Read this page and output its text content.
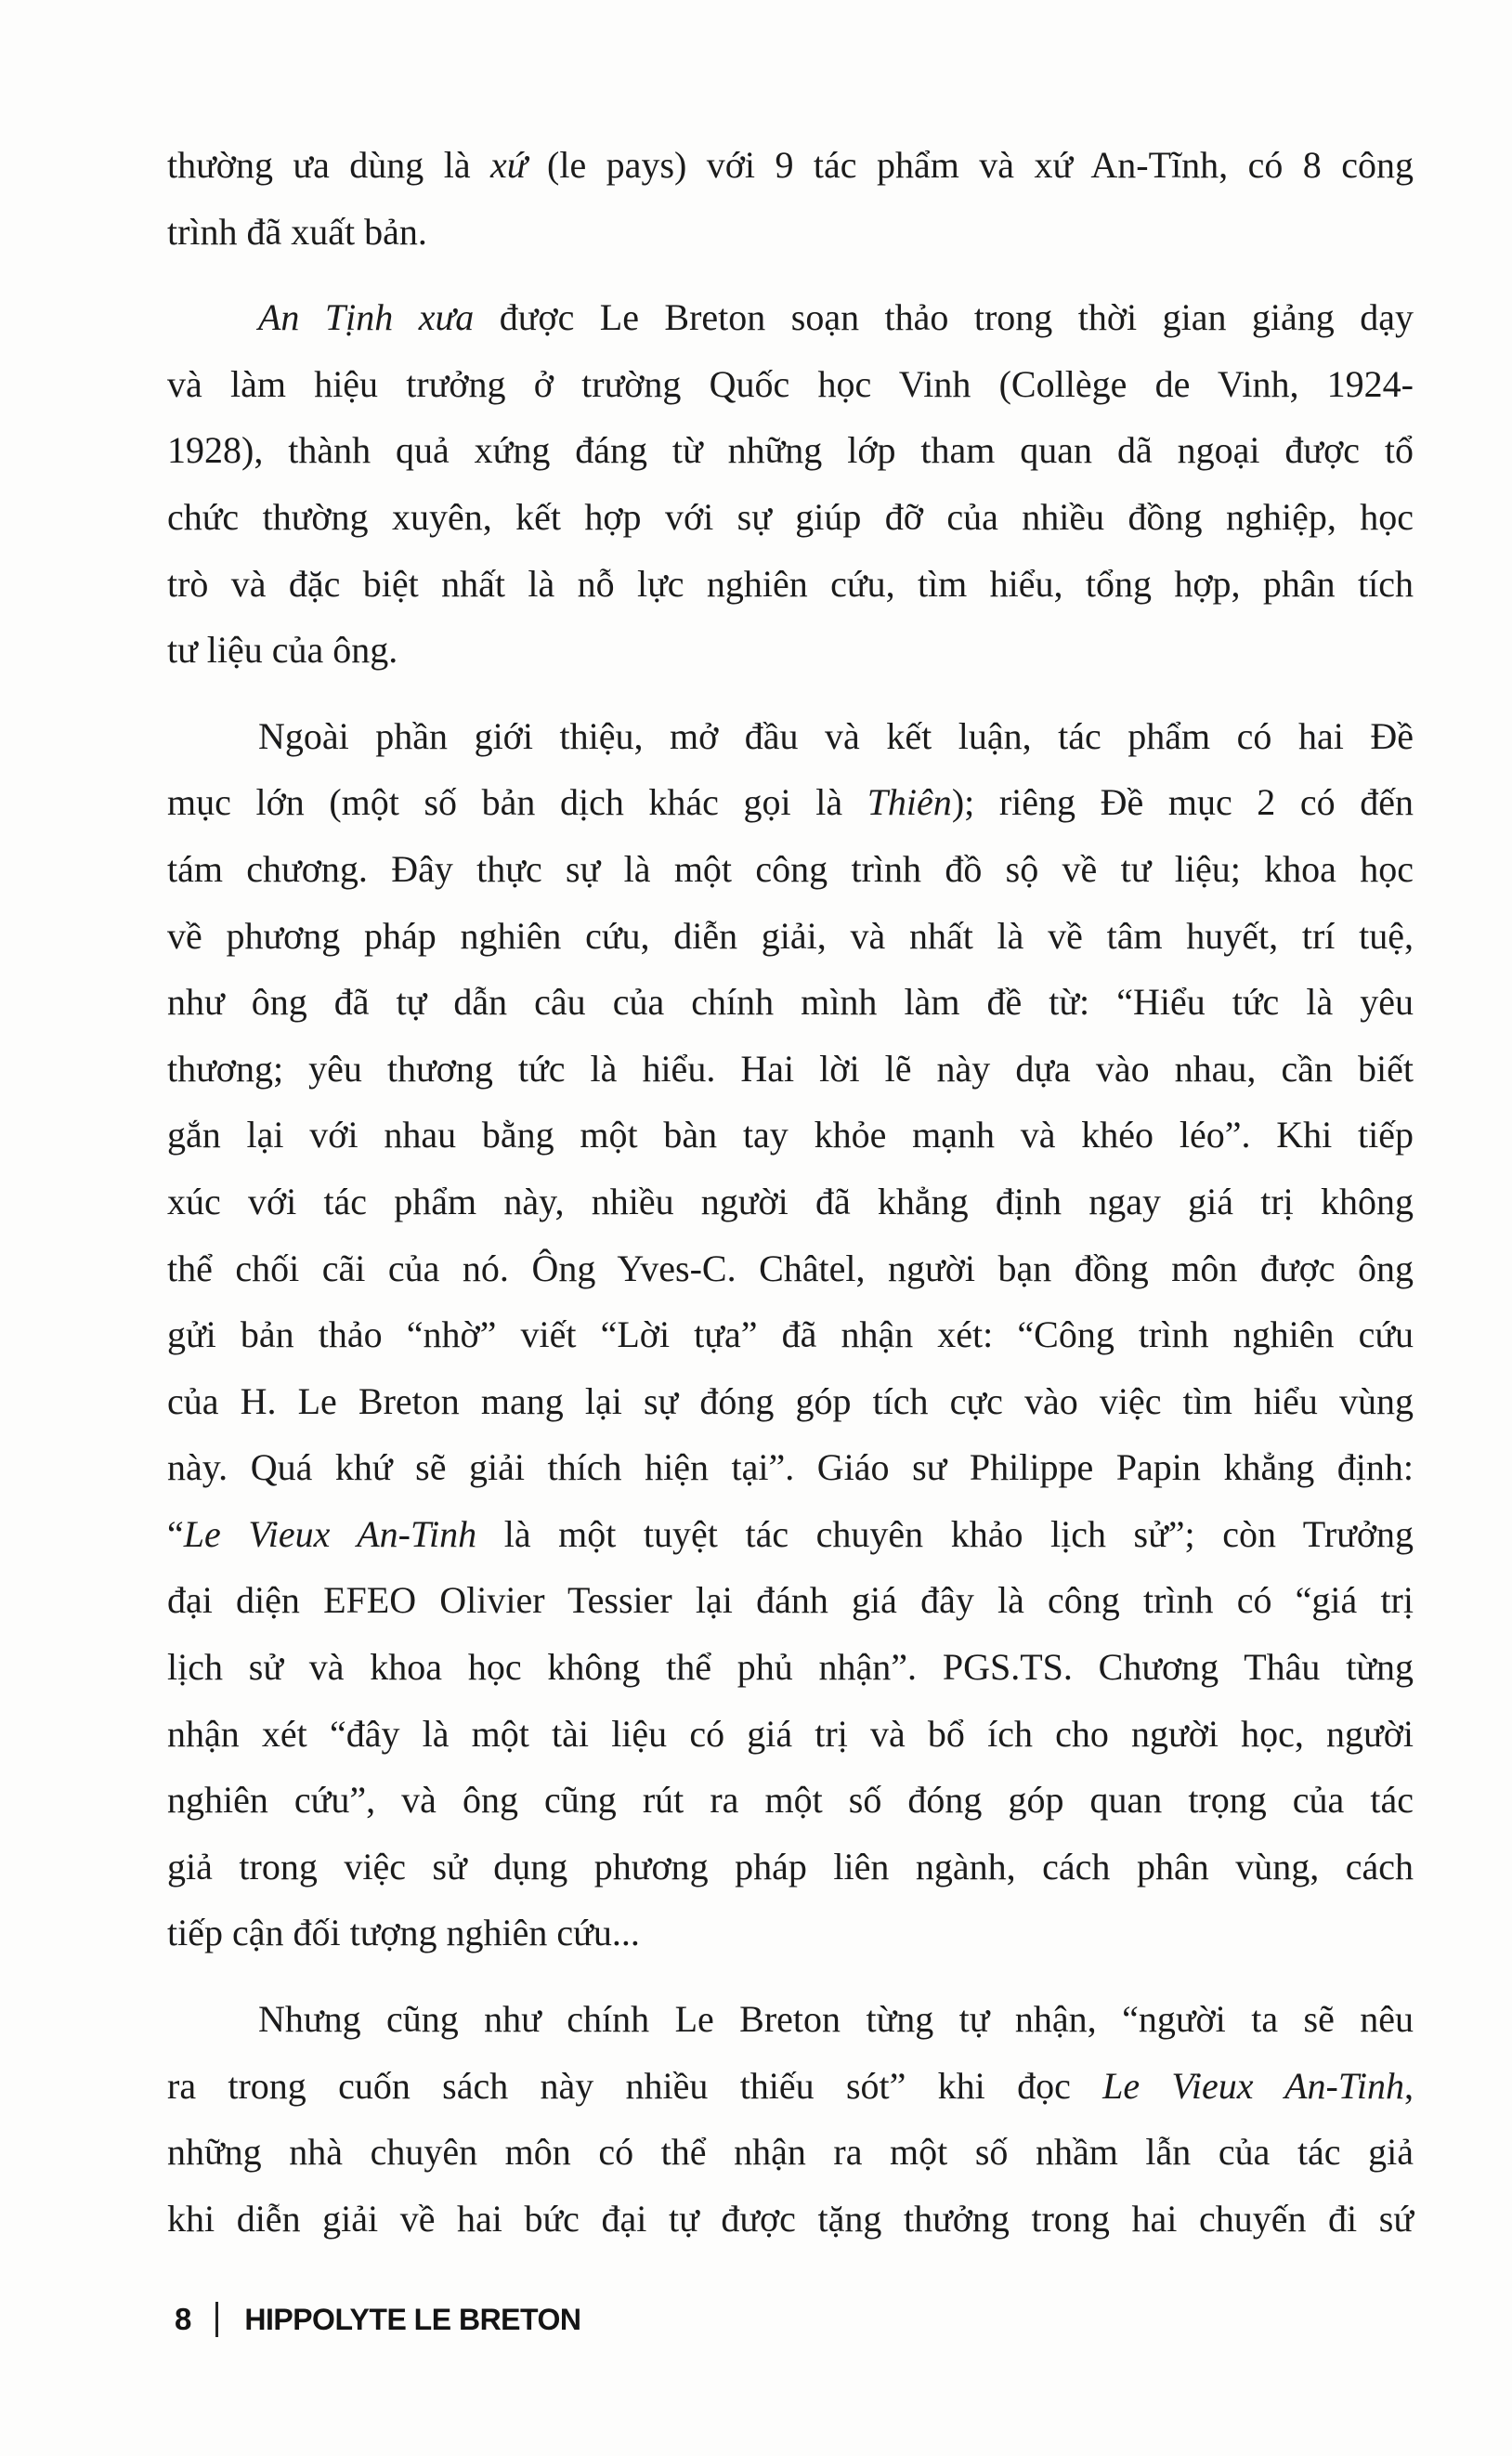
thường ưa dùng là xứ (le pays) với 9 tác phẩm và xứ An-Tĩnh, có 8 công
trình đã xuất bản.
An Tịnh xưa được Le Breton soạn thảo trong thời gian giảng dạy
và làm hiệu trưởng ở trường Quốc học Vinh (Collège de Vinh, 1924-
1928), thành quả xứng đáng từ những lớp tham quan dã ngoại được tổ
chức thường xuyên, kết hợp với sự giúp đỡ của nhiều đồng nghiệp, học
trò và đặc biệt nhất là nỗ lực nghiên cứu, tìm hiểu, tổng hợp, phân tích
tư liệu của ông.
Ngoài phần giới thiệu, mở đầu và kết luận, tác phẩm có hai Đề
mục lớn (một số bản dịch khác gọi là Thiên); riêng Đề mục 2 có đến
tám chương. Đây thực sự là một công trình đồ sộ về tư liệu; khoa học
về phương pháp nghiên cứu, diễn giải, và nhất là về tâm huyết, trí tuệ,
như ông đã tự dẫn câu của chính mình làm đề từ: “Hiểu tức là yêu
thương; yêu thương tức là hiểu. Hai lời lẽ này dựa vào nhau, cần biết
gắn lại với nhau bằng một bàn tay khỏe mạnh và khéo léo”. Khi tiếp
xúc với tác phẩm này, nhiều người đã khẳng định ngay giá trị không
thể chối cãi của nó. Ông Yves-C. Châtel, người bạn đồng môn được ông
gửi bản thảo “nhờ” viết “Lời tựa” đã nhận xét: “Công trình nghiên cứu
của H. Le Breton mang lại sự đóng góp tích cực vào việc tìm hiểu vùng
này. Quá khứ sẽ giải thích hiện tại”. Giáo sư Philippe Papin khẳng định:
“Le Vieux An-Tinh là một tuyệt tác chuyên khảo lịch sử”; còn Trưởng
đại diện EFEO Olivier Tessier lại đánh giá đây là công trình có “giá trị
lịch sử và khoa học không thể phủ nhận”. PGS.TS. Chương Thâu từng
nhận xét “đây là một tài liệu có giá trị và bổ ích cho người học, người
nghiên cứu”, và ông cũng rút ra một số đóng góp quan trọng của tác
giả trong việc sử dụng phương pháp liên ngành, cách phân vùng, cách
tiếp cận đối tượng nghiên cứu...
Nhưng cũng như chính Le Breton từng tự nhận, “người ta sẽ nêu
ra trong cuốn sách này nhiều thiếu sót” khi đọc Le Vieux An-Tinh,
những nhà chuyên môn có thể nhận ra một số nhầm lẫn của tác giả
khi diễn giải về hai bức đại tự được tặng thưởng trong hai chuyến đi sứ
8 HIPPOLYTE LE BRETON
